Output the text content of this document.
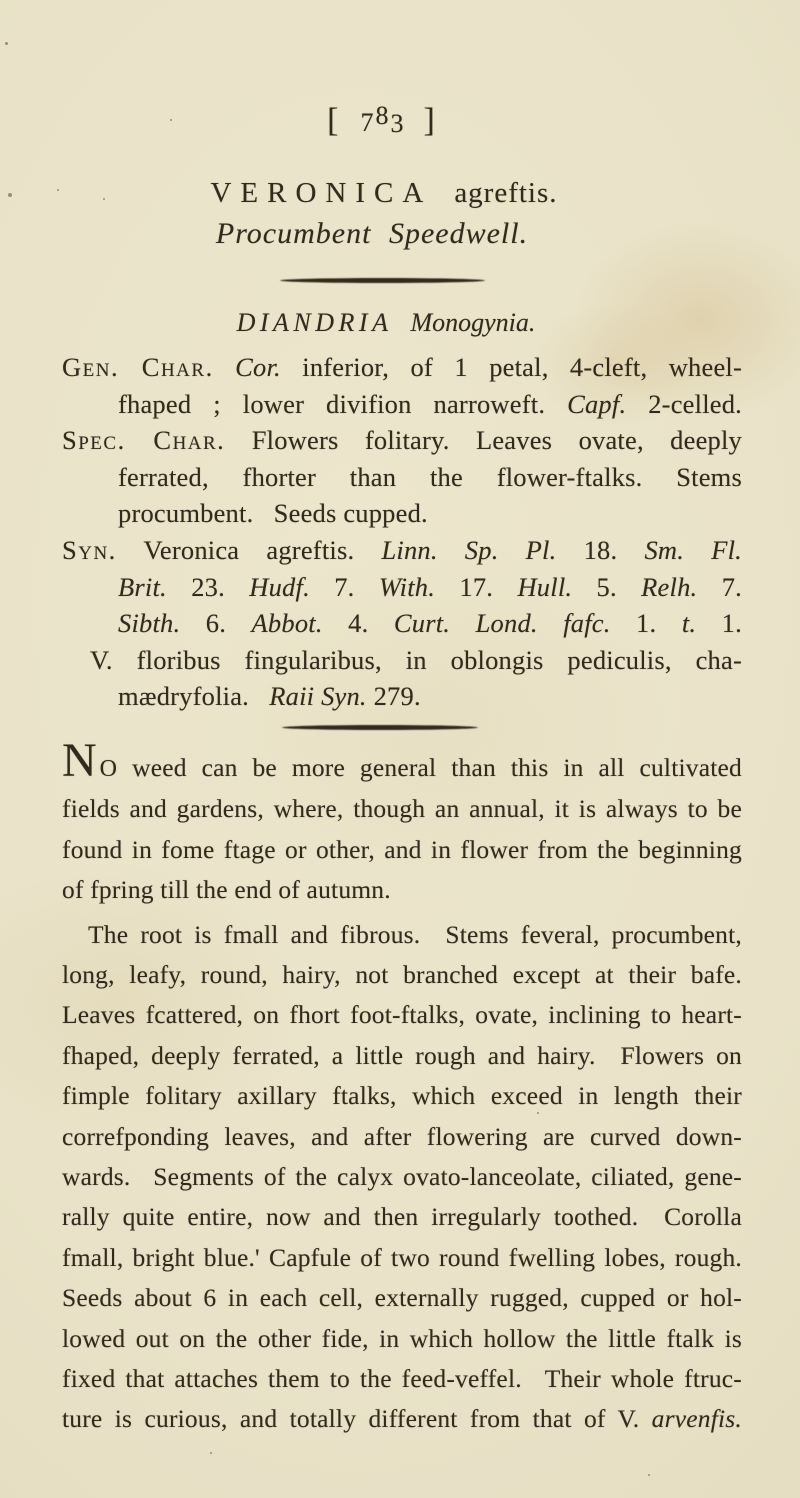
[ 783 ]
VERONICA agreftis.
Procumbent Speedwell.
DIANDRIA Monogynia.
Gen. Char. Cor. inferior, of 1 petal, 4-cleft, wheel-
fhaped ; lower divifion narroweft. Capf. 2-celled.
Spec. Char. Flowers folitary. Leaves ovate, deeply
ferrated, fhorter than the flower-ftalks. Stems
procumbent.  Seeds cupped.
Syn. Veronica agreftis. Linn. Sp. Pl. 18. Sm. Fl.
Brit. 23. Hudf. 7. With. 17. Hull. 5. Relh. 7.
Sibth. 6. Abbot. 4. Curt. Lond. fafc. 1. t. 1.
V. floribus fingularibus, in oblongis pediculis, cha-
mædryfolia.  Raii Syn. 279.
NO weed can be more general than this in all cultivated
fields and gardens, where, though an annual, it is always to be
found in fome ftage or other, and in flower from the beginning
of fpring till the end of autumn.
The root is fmall and fibrous.  Stems feveral, procumbent,
long, leafy, round, hairy, not branched except at their bafe.
Leaves fcattered, on fhort foot-ftalks, ovate, inclining to heart-
fhaped, deeply ferrated, a little rough and hairy.  Flowers on
fimple folitary axillary ftalks, which exceed in length their
correfponding leaves, and after flowering are curved down-
wards.  Segments of the calyx ovato-lanceolate, ciliated, gene-
rally quite entire, now and then irregularly toothed.  Corolla
fmall, bright blue.' Capfule of two round fwelling lobes, rough.
Seeds about 6 in each cell, externally rugged, cupped or hol-
lowed out on the other fide, in which hollow the little ftalk is
fixed that attaches them to the feed-veffel.  Their whole ftruc-
ture is curious, and totally different from that of V. arvenfis.
